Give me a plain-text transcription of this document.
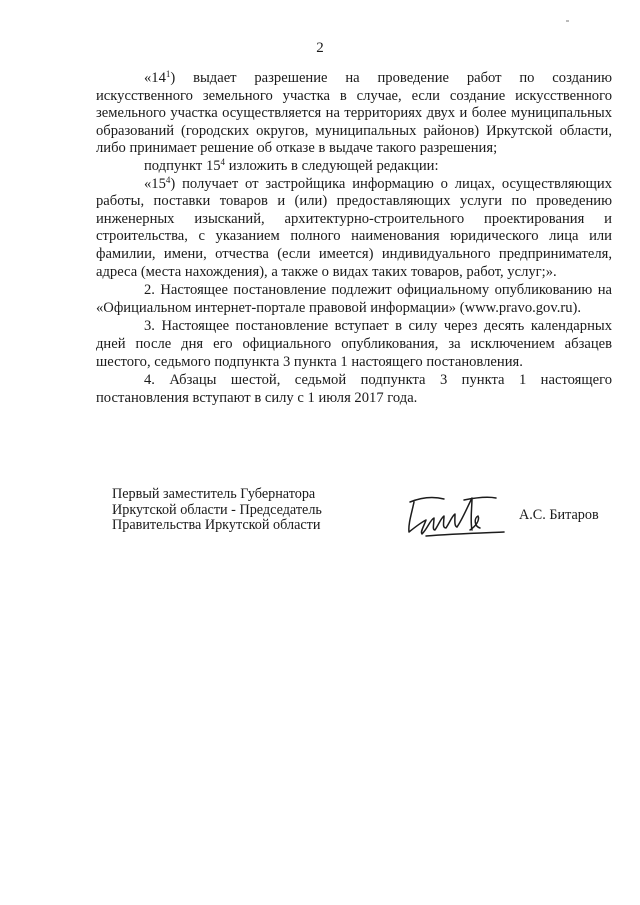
2

«$14^1$) выдает разрешение на проведение работ по созданию искусственного земельного участка в случае, если создание искусственного земельного участка осуществляется на территориях двух и более муниципальных образований (городских округов, муниципальных районов) Иркутской области, либо принимает решение об отказе в выдаче такого разрешения;

подпункт $15^4$ изложить в следующей редакции:

«$15^4$) получает от застройщика информацию о лицах, осуществляющих работы, поставки товаров и (или) предоставляющих услуги по проведению инженерных изысканий, архитектурно-строительного проектирования и строительства, с указанием полного наименования юридического лица или фамилии, имени, отчества (если имеется) индивидуального предпринимателя, адреса (места нахождения), а также о видах таких товаров, работ, услуг;».

2. Настоящее постановление подлежит официальному опубликованию на «Официальном интернет-портале правовой информации» (www.pravo.gov.ru).

3. Настоящее постановление вступает в силу через десять календарных дней после дня его официального опубликования, за исключением абзацев шестого, седьмого подпункта 3 пункта 1 настоящего постановления.

4. Абзацы шестой, седьмой подпункта 3 пункта 1 настоящего постановления вступают в силу с 1 июля 2017 года.

Первый заместитель Губернатора
Иркутской области - Председатель
Правительства Иркутской области
А.С. Битаров
